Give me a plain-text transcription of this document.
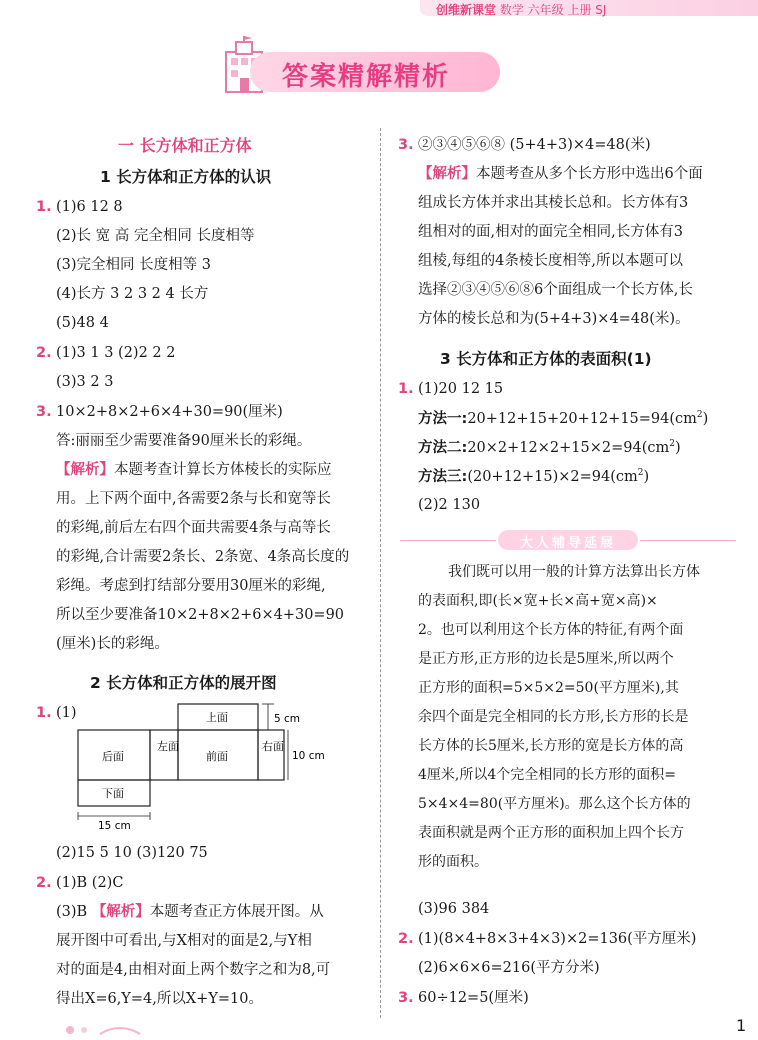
创维新课堂 数学 六年级 上册 SJ
答案精解精析
一 长方体和正方体
1 长方体和正方体的认识
1. (1)6 12 8
(2)长 宽 高 完全相同 长度相等
(3)完全相同 长度相等 3
(4)长方 3 2 3 2 4 长方
(5)48 4
2. (1)3 1 3 (2)2 2 2
(3)3 2 3
3. 10×2+8×2+6×4+30=90(厘米)
答:丽丽至少需要准备90厘米长的彩绳。
【解析】本题考查计算长方体棱长的实际应
用。上下两个面中,各需要2条与长和宽等长
的彩绳,前后左右四个面共需要4条与高等长
的彩绳,合计需要2条长、2条宽、4条高长度的
彩绳。考虑到打结部分要用30厘米的彩绳,
所以至少要准备10×2+8×2+6×4+30=90
(厘米)长的彩绳。
2 长方体和正方体的展开图
1. (1)	上面
后面
左面
前面
右面
下面
5 cm
10 cm
15 cm
(2)15 5 10 (3)120 75
2. (1)B (2)C
(3)B 【解析】本题考查正方体展开图。从
展开图中可看出,与X相对的面是2,与Y相
对的面是4,由相对面上两个数字之和为8,可
得出X=6,Y=4,所以X+Y=10。
3. ②③④⑤⑥⑧ (5+4+3)×4=48(米)
【解析】本题考查从多个长方形中选出6个面
组成长方体并求出其棱长总和。长方体有3
组相对的面,相对的面完全相同,长方体有3
组棱,每组的4条棱长度相等,所以本题可以
选择②③④⑤⑥⑧6个面组成一个长方体,长
方体的棱长总和为(5+4+3)×4=48(米)。
3 长方体和正方体的表面积(1)
1. (1)20 12 15
方法一$:20+12+15+20+12+15=94(cm^2)$
方法二$:20\times 2+12\times 2+15\times 2=94(cm^2)$
方法三$:(20+12+15)\times 2=94(cm^2)$
(2)2 130
大人辅导延展
我们既可以用一般的计算方法算出长方体
的表面积,即(长×宽+长×高+宽×高)×
2。也可以利用这个长方体的特征,有两个面
是正方形,正方形的边长是5厘米,所以两个
正方形的面积=5×5×2=50(平方厘米),其
余四个面是完全相同的长方形,长方形的长是
长方体的长5厘米,长方形的宽是长方体的高
4厘米,所以4个完全相同的长方形的面积=
5×4×4=80(平方厘米)。那么这个长方体的
表面积就是两个正方形的面积加上四个长方
形的面积。
(3)96 384
2. (1)(8×4+8×3+4×3)×2=136(平方厘米)
(2)6×6×6=216(平方分米)
3. 60÷12=5(厘米)
1
